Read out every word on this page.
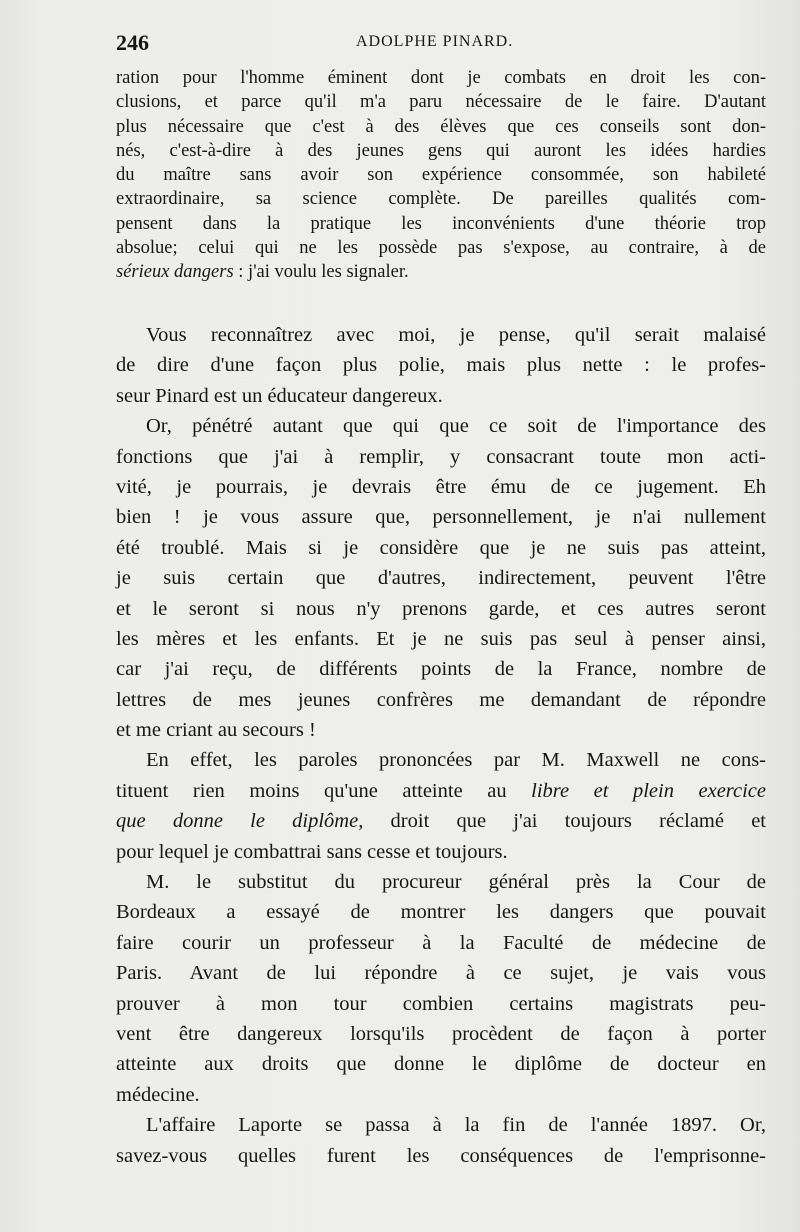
246	ADOLPHE PINARD.
ration pour l'homme éminent dont je combats en droit les con-
clusions, et parce qu'il m'a paru nécessaire de le faire. D'autant
plus nécessaire que c'est à des élèves que ces conseils sont don-
nés, c'est-à-dire à des jeunes gens qui auront les idées hardies
du maître sans avoir son expérience consommée, son habileté
extraordinaire, sa science complète. De pareilles qualités com-
pensent dans la pratique les inconvénients d'une théorie trop
absolue; celui qui ne les possède pas s'expose, au contraire, à de
sérieux dangers : j'ai voulu les signaler.
Vous reconnaîtrez avec moi, je pense, qu'il serait malaisé
de dire d'une façon plus polie, mais plus nette : le profes-
seur Pinard est un éducateur dangereux.
Or, pénétré autant que qui que ce soit de l'importance des
fonctions que j'ai à remplir, y consacrant toute mon acti-
vité, je pourrais, je devrais être ému de ce jugement. Eh
bien ! je vous assure que, personnellement, je n'ai nullement
été troublé. Mais si je considère que je ne suis pas atteint,
je suis certain que d'autres, indirectement, peuvent l'être
et le seront si nous n'y prenons garde, et ces autres seront
les mères et les enfants. Et je ne suis pas seul à penser ainsi,
car j'ai reçu, de différents points de la France, nombre de
lettres de mes jeunes confrères me demandant de répondre
et me criant au secours !
En effet, les paroles prononcées par M. Maxwell ne cons-
tituent rien moins qu'une atteinte au libre et plein exercice
que donne le diplôme, droit que j'ai toujours réclamé et
pour lequel je combattrai sans cesse et toujours.
M. le substitut du procureur général près la Cour de
Bordeaux a essayé de montrer les dangers que pouvait
faire courir un professeur à la Faculté de médecine de
Paris. Avant de lui répondre à ce sujet, je vais vous
prouver à mon tour combien certains magistrats peu-
vent être dangereux lorsqu'ils procèdent de façon à porter
atteinte aux droits que donne le diplôme de docteur en
médecine.
L'affaire Laporte se passa à la fin de l'année 1897. Or,
savez-vous quelles furent les conséquences de l'emprisonne-
